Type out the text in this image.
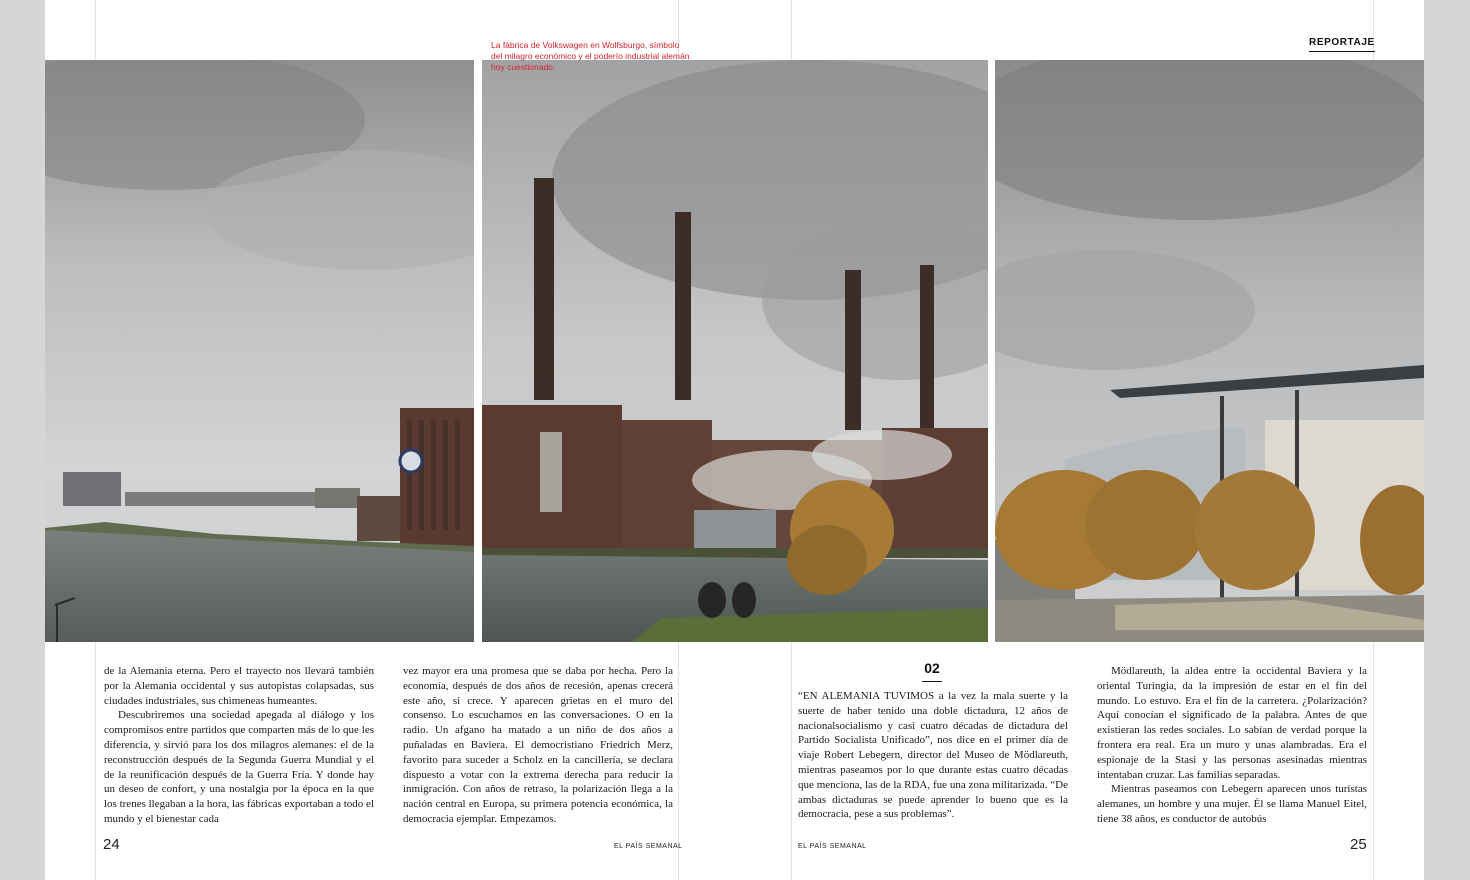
La fábrica de Volkswagen en Wolfsburgo, símbolo del milagro económico y el poderío industrial alemán hoy cuestionado.
REPORTAJE

de la Alemania eterna. Pero el trayecto nos llevará también por la Alemania occidental y sus autopistas colapsadas, sus ciudades industriales, sus chimeneas humeantes.

Descubriremos una sociedad apegada al diálogo y los compromisos entre partidos que comparten más de lo que les diferencia, y sirvió para los dos milagros alemanes: el de la reconstrucción después de la Segunda Guerra Mundial y el de la reunificación después de la Guerra Fría. Y donde hay un deseo de confort, y una nostalgia por la época en la que los trenes llegaban a la hora, las fábricas exportaban a todo el mundo y el bienestar cada

vez mayor era una promesa que se daba por hecha. Pero la economía, después de dos años de recesión, apenas crecerá este año, si crece. Y aparecen grietas en el muro del consenso. Lo escuchamos en las conversaciones. O en la radio. Un afgano ha matado a un niño de dos años a puñaladas en Baviera. El democristiano Friedrich Merz, favorito para suceder a Scholz en la cancillería, se declara dispuesto a votar con la extrema derecha para reducir la inmigración. Con años de retraso, la polarización llega a la nación central en Europa, su primera potencia económica, la democracia ejemplar. Empezamos.

02

“EN ALEMANIA TUVIMOS a la vez la mala suerte y la suerte de haber tenido una doble dictadura, 12 años de nacionalsocialismo y casi cuatro décadas de dictadura del Partido Socialista Unificado”, nos dice en el primer día de viaje Robert Lebegern, director del Museo de Mödlareuth, mientras paseamos por lo que durante estas cuatro décadas que menciona, las de la RDA, fue una zona militarizada. “De ambas dictaduras se puede aprender lo bueno que es la democracia, pese a sus problemas”.

Mödlareuth, la aldea entre la occidental Baviera y la oriental Turingia, da la impresión de estar en el fin del mundo. Lo estuvo. Era el fin de la carretera. ¿Polarización? Aquí conocían el significado de la palabra. Antes de que existieran las redes sociales. Lo sabían de verdad porque la frontera era real. Era un muro y unas alambradas. Era el espionaje de la Stasi y las personas asesinadas mientras intentaban cruzar. Las familias separadas.

Mientras paseamos con Lebegern aparecen unos turistas alemanes, un hombre y una mujer. Él se llama Manuel Eitel, tiene 38 años, es conductor de autobús

24	EL PAÍS SEMANAL	EL PAÍS SEMANAL	25
